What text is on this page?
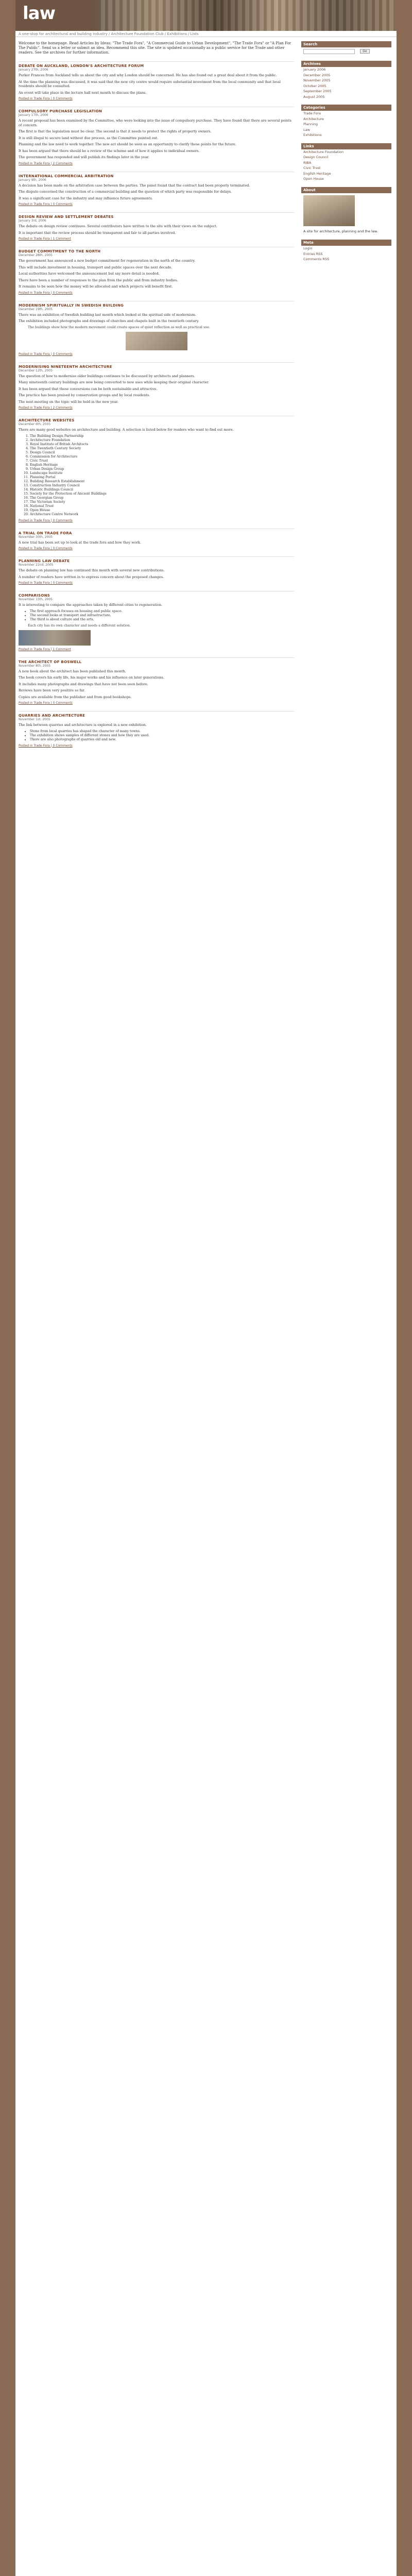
law
A one-stop for architectural and building industry / Architecture Foundation Club / Exhibitions / Lists
Welcome to the homepage. Read Articles by Ideas: "The Trade Fora", "A Commercial Guide to Urban Development", "The Trade Fora" or "A Plan For The Public". Send us a letter or submit an idea. Recommend this site. The site is updated occasionally as a public service for the Trade and other readers. See the archives for further information.
DEBATE ON AUCKLAND, LONDON'S ARCHITECTURE FORUM
January 27th, 2006
Parker Frances from Auckland tells us about the city and why London should be concerned. He has also found out a great deal about it from the public.
At the time the planning was discussed, it was said that the new city centre would require substantial investment from the local community and that local residents should be consulted.
An event will take place in the lecture hall next month to discuss the plans.
Posted in Trade Fora | 0 Comments
COMPULSORY PURCHASE LEGISLATION
January 17th, 2006
A recent proposal has been examined by the Committee, who were looking into the issue of compulsory purchase. They have found that there are several points of concern.
The first is that the legislation must be clear. The second is that it needs to protect the rights of property owners.
It is still illegal to secure land without due process, as the Committee pointed out.
Planning and the law need to work together. The new act should be seen as an opportunity to clarify these points for the future.
It has been argued that there should be a review of the scheme and of how it applies to individual owners.
The government has responded and will publish its findings later in the year.
Posted in Trade Fora | 2 Comments
INTERNATIONAL COMMERCIAL ARBITRATION
January 9th, 2006
A decision has been made on the arbitration case between the parties. The panel found that the contract had been properly terminated.
The dispute concerned the construction of a commercial building and the question of which party was responsible for delays.
It was a significant case for the industry and may influence future agreements.
Posted in Trade Fora | 0 Comments
DESIGN REVIEW AND SETTLEMENT DEBATES
January 3rd, 2006
The debate on design review continues. Several contributors have written to the site with their views on the subject.
It is important that the review process should be transparent and fair to all parties involved.
Posted in Trade Fora | 1 Comment
BUDGET COMMITMENT TO THE NORTH
December 28th, 2005
The government has announced a new budget commitment for regeneration in the north of the country.
This will include investment in housing, transport and public spaces over the next decade.
Local authorities have welcomed the announcement but say more detail is needed.
There have been a number of responses to the plan from the public and from industry bodies.
It remains to be seen how the money will be allocated and which projects will benefit first.
Posted in Trade Fora | 0 Comments
MODERNISM SPIRITUALLY IN SWEDISH BUILDING
December 19th, 2005
There was an exhibition of Swedish building last month which looked at the spiritual side of modernism.
The exhibition included photographs and drawings of churches and chapels built in the twentieth century.
The buildings show how the modern movement could create spaces of quiet reflection as well as practical use.
Posted in Trade Fora | 0 Comments
MODERNISING NINETEENTH ARCHITECTURE
December 12th, 2005
The question of how to modernise older buildings continues to be discussed by architects and planners.
Many nineteenth century buildings are now being converted to new uses while keeping their original character.
It has been argued that these conversions can be both sustainable and attractive.
The practice has been praised by conservation groups and by local residents.
The next meeting on the topic will be held in the new year.
Posted in Trade Fora | 2 Comments
ARCHITECTURE WEBSITES
December 6th, 2005
There are many good websites on architecture and building. A selection is listed below for readers who want to find out more.
1. The Building Design Partnership
2. Architecture Foundation
3. Royal Institute of British Architects
4. The Twentieth Century Society
5. Design Council
6. Commission for Architecture
7. Civic Trust
8. English Heritage
9. Urban Design Group
10. Landscape Institute
11. Planning Portal
12. Building Research Establishment
13. Construction Industry Council
14. Historic Buildings Council
15. Society for the Protection of Ancient Buildings
16. The Georgian Group
17. The Victorian Society
18. National Trust
19. Open House
20. Architecture Centre Network
Posted in Trade Fora | 0 Comments
A TRIAL ON TRADE FORA
November 30th, 2005
A new trial has been set up to look at the trade fora and how they work.
Posted in Trade Fora | 0 Comments
PLANNING LAW DEBATE
November 22nd, 2005
The debate on planning law has continued this month with several new contributions.
A number of readers have written in to express concern about the proposed changes.
Posted in Trade Fora | 0 Comments
COMPARISONS
November 15th, 2005
It is interesting to compare the approaches taken by different cities to regeneration.
• The first approach focuses on housing and public space.
• The second looks at transport and infrastructure.
• The third is about culture and the arts.
Each city has its own character and needs a different solution.
Posted in Trade Fora | 1 Comment
THE ARCHITECT OF BOSWELL
November 8th, 2005
A new book about the architect has been published this month.
The book covers his early life, his major works and his influence on later generations.
It includes many photographs and drawings that have not been seen before.
Reviews have been very positive so far.
Copies are available from the publisher and from good bookshops.
Posted in Trade Fora | 0 Comments
QUARRIES AND ARCHITECTURE
November 1st, 2005
The link between quarries and architecture is explored in a new exhibition.
• Stone from local quarries has shaped the character of many towns.
• The exhibition shows samples of different stones and how they are used.
• There are also photographs of quarries old and new.
Posted in Trade Fora | 0 Comments
Search
Go
Archives
January 2006
December 2005
November 2005
October 2005
September 2005
August 2005
Categories
Trade Fora
Architecture
Planning
Law
Exhibitions
Links
Architecture Foundation
Design Council
RIBA
Civic Trust
English Heritage
Open House
About
A site for architecture, planning and the law.
Meta
Login
Entries RSS
Comments RSS
